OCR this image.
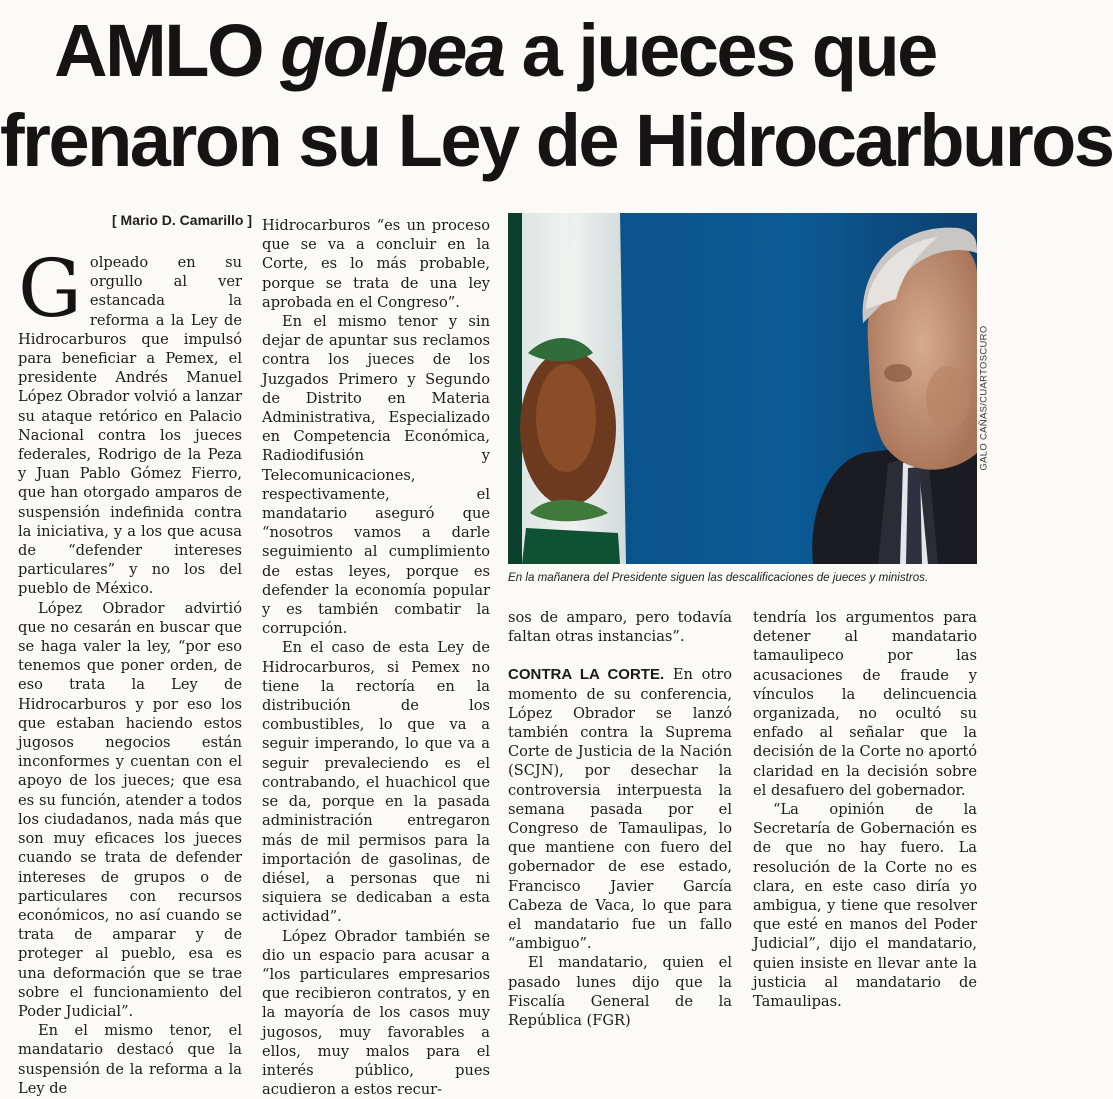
AMLO golpea a jueces que
frenaron su Ley de Hidrocarburos
[ Mario D. Camarillo ]

Golpeado en su orgullo al ver estancada la reforma a la Ley de Hidrocarburos que impulsó para beneficiar a Pemex, el presidente Andrés Manuel López Obrador volvió a lanzar su ataque retórico en Palacio Nacional contra los jueces federales, Rodrigo de la Peza y Juan Pablo Gómez Fierro, que han otorgado amparos de suspensión indefinida contra la iniciativa, y a los que acusa de “defender intereses particulares” y no los del pueblo de México.

López Obrador advirtió que no cesarán en buscar que se haga valer la ley, “por eso tenemos que poner orden, de eso trata la Ley de Hidrocarburos y por eso los que estaban haciendo estos jugosos negocios están inconformes y cuentan con el apoyo de los jueces; que esa es su función, atender a todos los ciudadanos, nada más que son muy eficaces los jueces cuando se trata de defender intereses de grupos o de particulares con recursos económicos, no así cuando se trata de amparar y de proteger al pueblo, esa es una deformación que se trae sobre el funcionamiento del Poder Judicial”.

En el mismo tenor, el mandatario destacó que la suspensión de la reforma a la Ley de

Hidrocarburos “es un proceso que se va a concluir en la Corte, es lo más probable, porque se trata de una ley aprobada en el Congreso”.

En el mismo tenor y sin dejar de apuntar sus reclamos contra los jueces de los Juzgados Primero y Segundo de Distrito en Materia Administrativa, Especializado en Competencia Económica, Radiodifusión y Telecomunicaciones, respectivamente, el mandatario aseguró que “nosotros vamos a darle seguimiento al cumplimiento de estas leyes, porque es defender la economía popular y es también combatir la corrupción.

En el caso de esta Ley de Hidrocarburos, si Pemex no tiene la rectoría en la distribución de los combustibles, lo que va a seguir imperando, lo que va a seguir prevaleciendo es el contrabando, el huachicol que se da, porque en la pasada administración entregaron más de mil permisos para la importación de gasolinas, de diésel, a personas que ni siquiera se dedicaban a esta actividad”.

López Obrador también se dio un espacio para acusar a “los particulares empresarios que recibieron contratos, y en la mayoría de los casos muy jugosos, muy favorables a ellos, muy malos para el interés público, pues acudieron a estos recur-

GALO CAÑAS/CUARTOSCURO
En la mañanera del Presidente siguen las descalificaciones de jueces y ministros.

sos de amparo, pero todavía faltan otras instancias”.

CONTRA LA CORTE. En otro momento de su conferencia, López Obrador se lanzó también contra la Suprema Corte de Justicia de la Nación (SCJN), por desechar la controversia interpuesta la semana pasada por el Congreso de Tamaulipas, lo que mantiene con fuero del gobernador de ese estado, Francisco Javier García Cabeza de Vaca, lo que para el mandatario fue un fallo “ambiguo”.

El mandatario, quien el pasado lunes dijo que la Fiscalía General de la República (FGR)

tendría los argumentos para detener al mandatario tamaulipeco por las acusaciones de fraude y vínculos la delincuencia organizada, no ocultó su enfado al señalar que la decisión de la Corte no aportó claridad en la decisión sobre el desafuero del gobernador.

“La opinión de la Secretaría de Gobernación es de que no hay fuero. La resolución de la Corte no es clara, en este caso diría yo ambigua, y tiene que resolver que esté en manos del Poder Judicial”, dijo el mandatario, quien insiste en llevar ante la justicia al mandatario de Tamaulipas.
